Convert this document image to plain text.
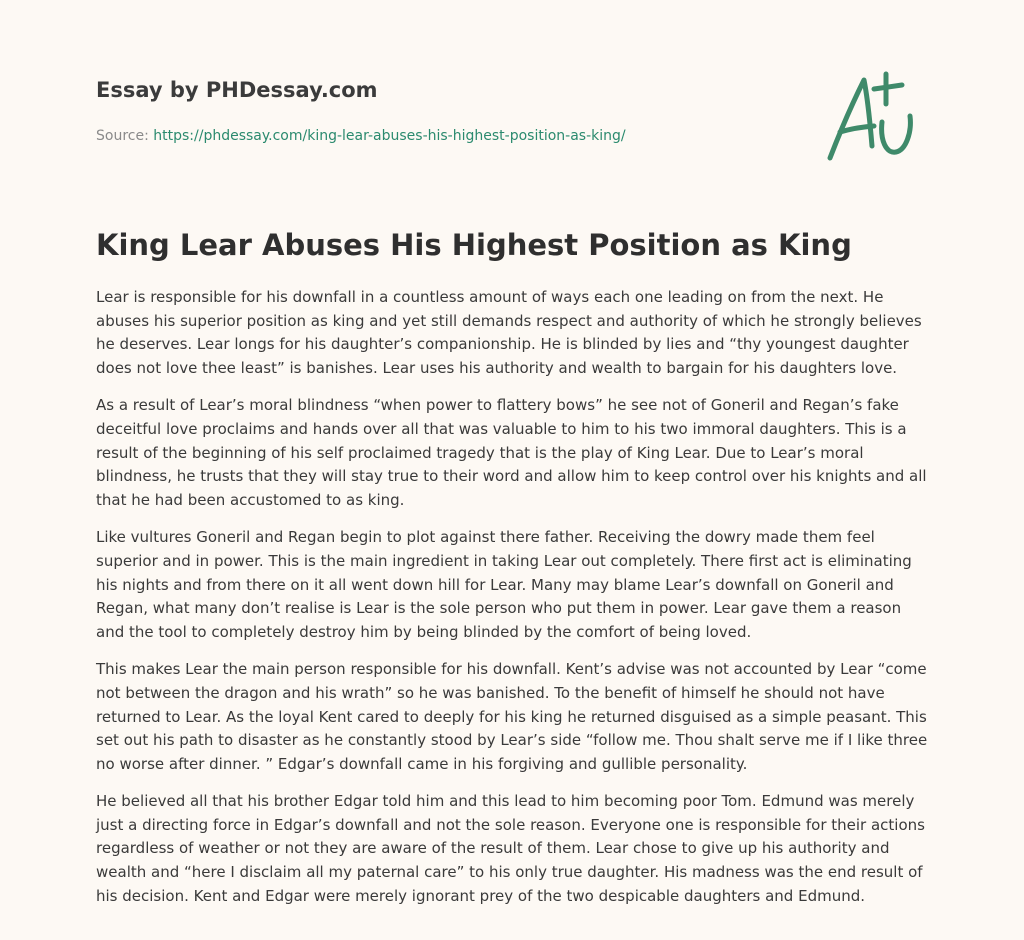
Essay by PHDessay.com
Source: https://phdessay.com/king-lear-abuses-his-highest-position-as-king/
King Lear Abuses His Highest Position as King

Lear is responsible for his downfall in a countless amount of ways each one leading on from the next. He abuses his superior position as king and yet still demands respect and authority of which he strongly believes he deserves. Lear longs for his daughter’s companionship. He is blinded by lies and “thy youngest daughter does not love thee least” is banishes. Lear uses his authority and wealth to bargain for his daughters love.

As a result of Lear’s moral blindness “when power to flattery bows” he see not of Goneril and Regan’s fake deceitful love proclaims and hands over all that was valuable to him to his two immoral daughters. This is a result of the beginning of his self proclaimed tragedy that is the play of King Lear. Due to Lear’s moral blindness, he trusts that they will stay true to their word and allow him to keep control over his knights and all that he had been accustomed to as king.

Like vultures Goneril and Regan begin to plot against there father. Receiving the dowry made them feel superior and in power. This is the main ingredient in taking Lear out completely. There first act is eliminating his nights and from there on it all went down hill for Lear. Many may blame Lear’s downfall on Goneril and Regan, what many don’t realise is Lear is the sole person who put them in power. Lear gave them a reason and the tool to completely destroy him by being blinded by the comfort of being loved.

This makes Lear the main person responsible for his downfall. Kent’s advise was not accounted by Lear “come not between the dragon and his wrath” so he was banished. To the benefit of himself he should not have returned to Lear. As the loyal Kent cared to deeply for his king he returned disguised as a simple peasant. This set out his path to disaster as he constantly stood by Lear’s side “follow me. Thou shalt serve me if I like three no worse after dinner. ” Edgar’s downfall came in his forgiving and gullible personality.

He believed all that his brother Edgar told him and this lead to him becoming poor Tom. Edmund was merely just a directing force in Edgar’s downfall and not the sole reason. Everyone one is responsible for their actions regardless of weather or not they are aware of the result of them. Lear chose to give up his authority and wealth and “here I disclaim all my paternal care” to his only true daughter. His madness was the end result of his decision. Kent and Edgar were merely ignorant prey of the two despicable daughters and Edmund.
